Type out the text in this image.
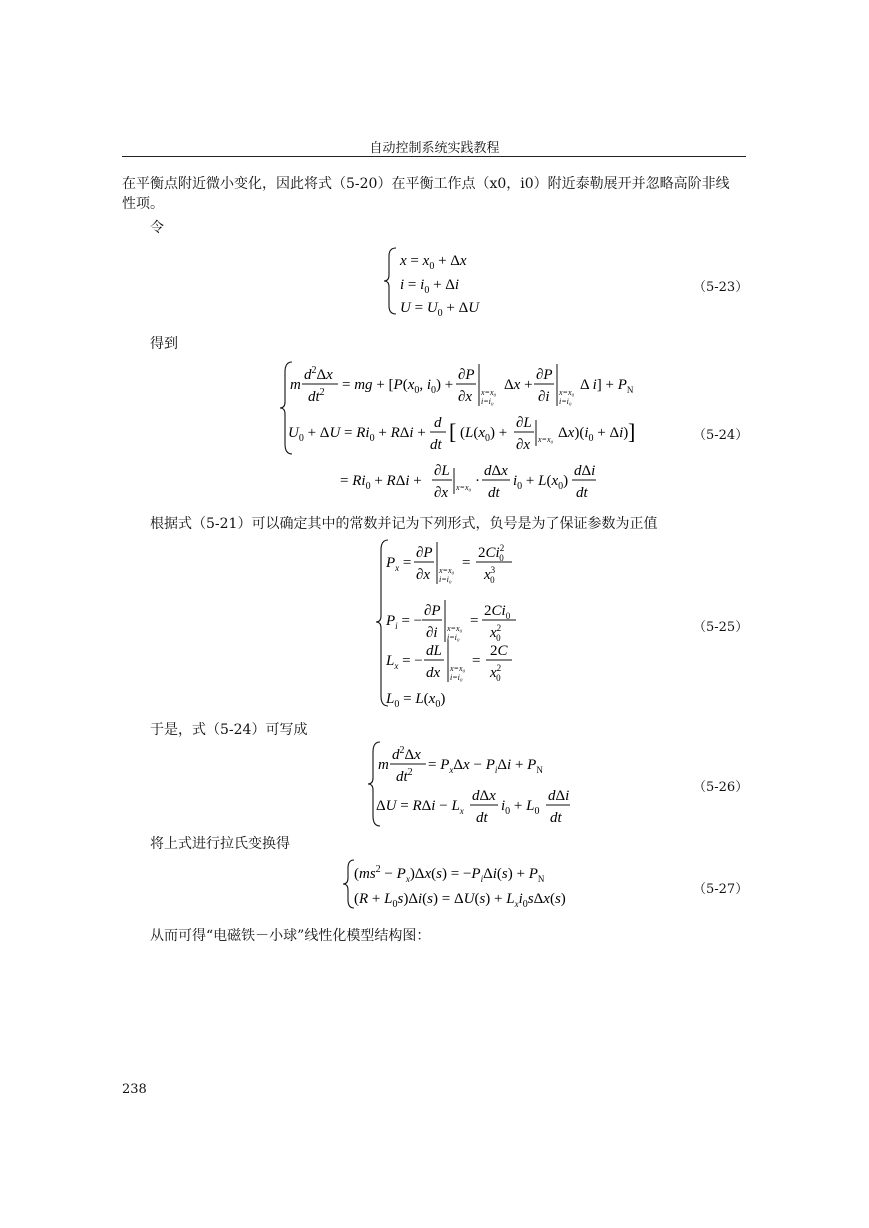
自动控制系统实践教程
在平衡点附近微小变化，因此将式（5-20）在平衡工作点（x0，i0）附近泰勒展开并忽略高阶非线
性项。
令
$x = x_0 + \Delta x$
$i = i_0 + \Delta i$
$U = U_0 + \Delta U$
（5-23）
得到
m
$d^2\Delta x$
$dt^2$ = mg + [$P(x_0$, $i_0$) +
∂P
∂x x=x₀
i=i₀
Δx +
∂P
∂i x=x₀
i=i₀
Δ $i] + P_N$
$U_0 + \Delta U = Ri_0 + R\Delta i$ +
d
dt
[ ($L(x_0)$ +
∂L
∂x x=x₀ $\Delta x)(i_0 + \Delta i)$ ]
= $Ri_0 + R\Delta i$ +
∂L
∂x x=x₀ ·
dΔx
dt
$i_0 + L(x_0)$
dΔi
dt
（5-24）
根据式（5-21）可以确定其中的常数并记为下列形式，负号是为了保证参数为正值
$P_x$ =
∂P
∂x x=x₀
i=i₀
=
$2Ci^2$ 0
$x^3$ 0
$P_i$ = −
∂P
∂i x=x₀
i=i₀
=
$2Ci_0$
$x^2$ 0
$L_x$ = −
dL
dx x=x₀
i=i₀
=
2C
$x^2$ 0
$L_0 = L(x_0)$
（5-25）
于是，式（5-24）可写成
m
$d^2\Delta x$
$dt^2 = P_x\Delta x - P_i\Delta i + P_N$
$\Delta U = R\Delta i - L_x$
dΔx
dt
$i_0 + L_0$
dΔi
dt
（5-26）
将上式进行拉氏变换得
$(ms^2 - P_x)\Delta x(s) = -P_i\Delta i(s) + P_N$
$(R + L_0s)\Delta i(s) = \Delta U(s) + L_xi_0s\Delta x(s)$
（5-27）
从而可得“电磁铁－小球”线性化模型结构图：
238
